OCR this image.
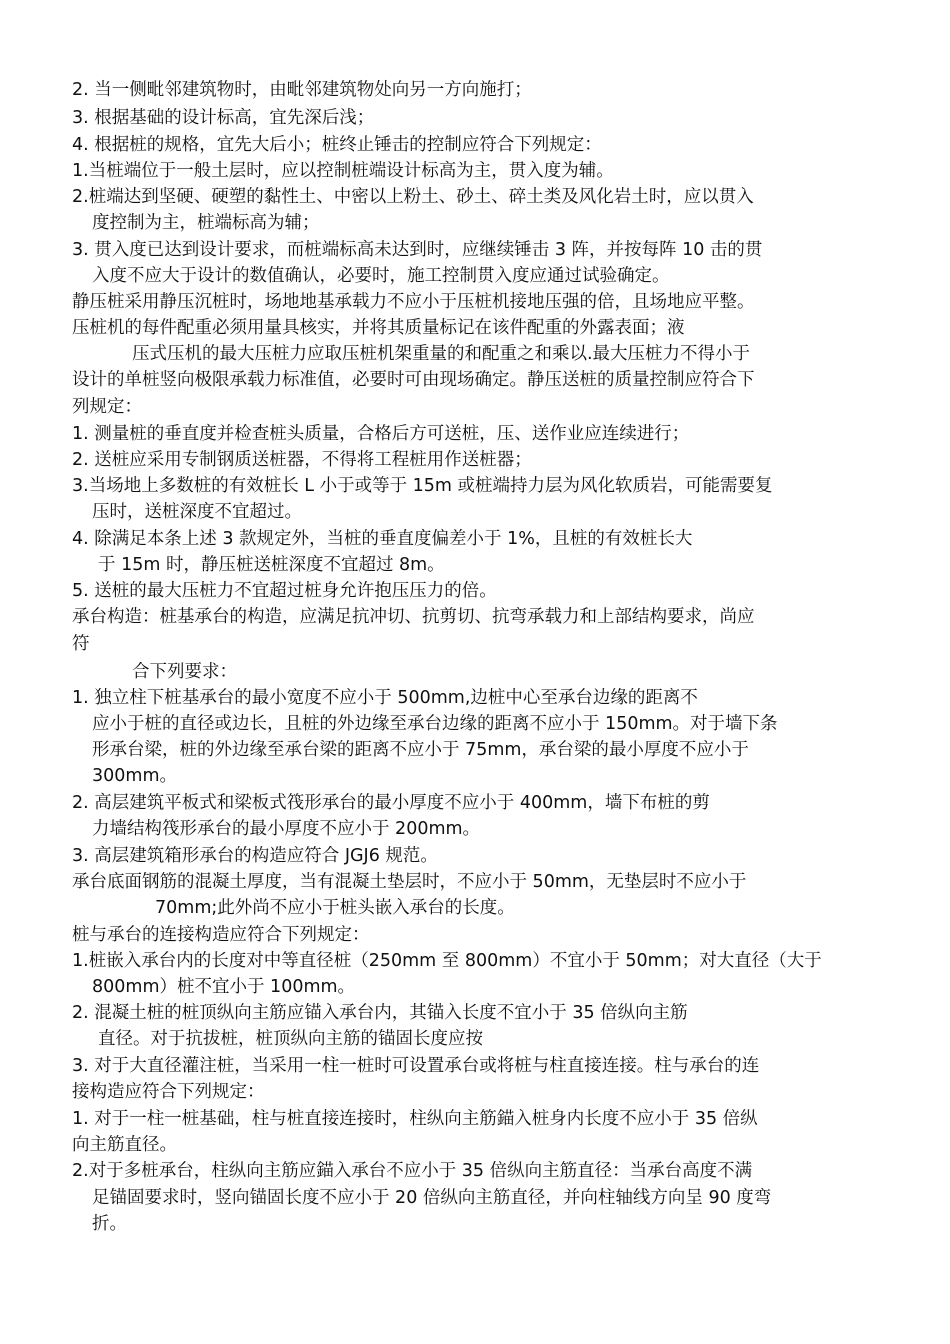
2. 当一侧毗邻建筑物时，由毗邻建筑物处向另一方向施打；
3. 根据基础的设计标高，宜先深后浅；
4. 根据桩的规格，宜先大后小；桩终止锤击的控制应符合下列规定：
1.当桩端位于一般土层时，应以控制桩端设计标高为主，贯入度为辅。
2.桩端达到坚硬、硬塑的黏性土、中密以上粉土、砂土、碎土类及风化岩土时，应以贯入
度控制为主，桩端标高为辅；
3. 贯入度已达到设计要求，而桩端标高未达到时，应继续锤击 3 阵，并按每阵 10 击的贯
入度不应大于设计的数值确认，必要时，施工控制贯入度应通过试验确定。
静压桩采用静压沉桩时，场地地基承载力不应小于压桩机接地压强的倍，且场地应平整。
压桩机的每件配重必须用量具核实，并将其质量标记在该件配重的外露表面；液
压式压机的最大压桩力应取压桩机架重量的和配重之和乘以.最大压桩力不得小于
设计的单桩竖向极限承载力标准值，必要时可由现场确定。静压送桩的质量控制应符合下
列规定：
1. 测量桩的垂直度并检查桩头质量，合格后方可送桩，压、送作业应连续进行；
2. 送桩应采用专制钢质送桩器，不得将工程桩用作送桩器；
3.当场地上多数桩的有效桩长 L 小于或等于 15m 或桩端持力层为风化软质岩，可能需要复
压时，送桩深度不宜超过。
4. 除满足本条上述 3 款规定外，当桩的垂直度偏差小于 1%，且桩的有效桩长大
于 15m 时，静压桩送桩深度不宜超过 8m。
5. 送桩的最大压桩力不宜超过桩身允许抱压压力的倍。
承台构造：桩基承台的构造，应满足抗冲切、抗剪切、抗弯承载力和上部结构要求，尚应
符
合下列要求：
1. 独立柱下桩基承台的最小宽度不应小于 500mm,边桩中心至承台边缘的距离不
应小于桩的直径或边长，且桩的外边缘至承台边缘的距离不应小于 150mm。对于墙下条
形承台梁，桩的外边缘至承台梁的距离不应小于 75mm，承台梁的最小厚度不应小于
300mm。
2. 高层建筑平板式和梁板式筏形承台的最小厚度不应小于 400mm，墙下布桩的剪
力墙结构筏形承台的最小厚度不应小于 200mm。
3. 高层建筑箱形承台的构造应符合 JGJ6 规范。
承台底面钢筋的混凝土厚度，当有混凝土垫层时，不应小于 50mm，无垫层时不应小于
70mm;此外尚不应小于桩头嵌入承台的长度。
桩与承台的连接构造应符合下列规定：
1.桩嵌入承台内的长度对中等直径桩（250mm 至 800mm）不宜小于 50mm；对大直径（大于
800mm）桩不宜小于 100mm。
2. 混凝土桩的桩顶纵向主筋应锚入承台内，其锚入长度不宜小于 35 倍纵向主筋
直径。对于抗拔桩，桩顶纵向主筋的锚固长度应按
3. 对于大直径灌注桩，当采用一柱一桩时可设置承台或将桩与柱直接连接。柱与承台的连
接构造应符合下列规定：
1. 对于一柱一桩基础，柱与桩直接连接时，柱纵向主筋錨入桩身内长度不应小于 35 倍纵
向主筋直径。
2.对于多桩承台，柱纵向主筋应錨入承台不应小于 35 倍纵向主筋直径：当承台高度不满
足锚固要求时，竖向锚固长度不应小于 20 倍纵向主筋直径，并向柱轴线方向呈 90 度弯
折。
